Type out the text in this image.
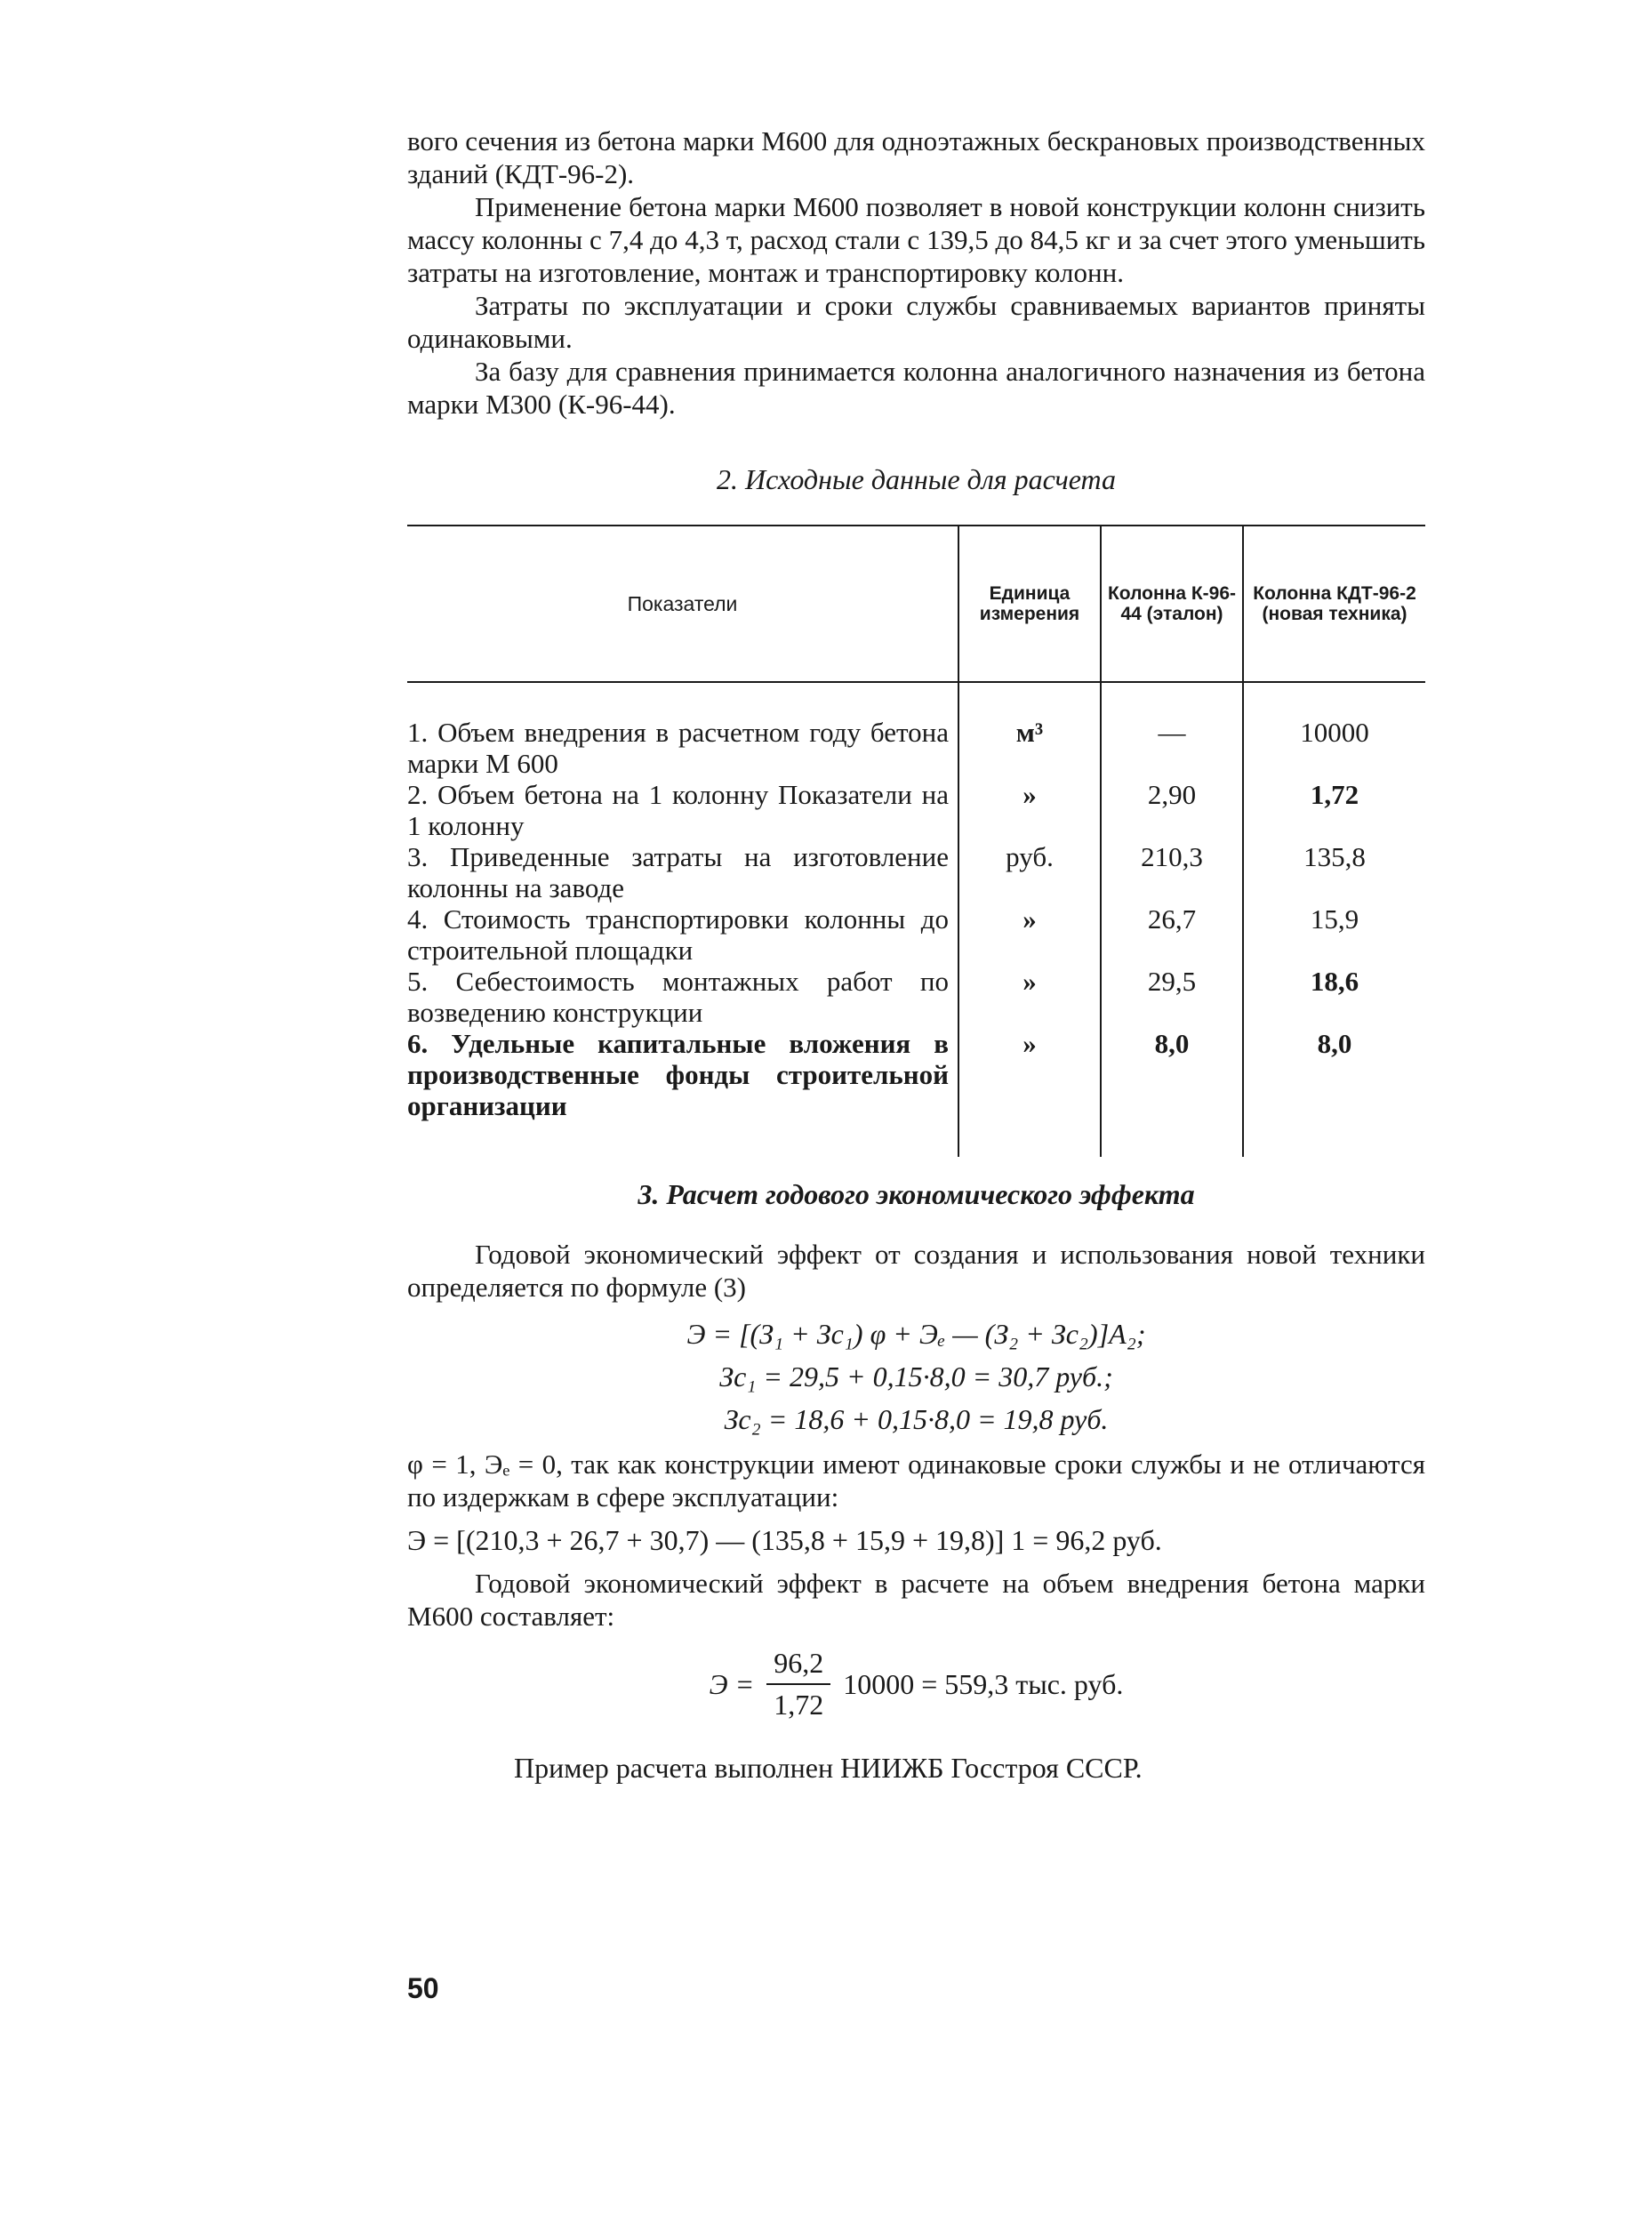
вого сечения из бетона марки М600 для одноэтажных бескрановых производственных зданий (КДТ-96-2).

Применение бетона марки М600 позволяет в новой конструкции колонн снизить массу колонны с 7,4 до 4,3 т, расход стали с 139,5 до 84,5 кг и за счет этого уменьшить затраты на изготовление, монтаж и транспортировку колонн.

Затраты по эксплуатации и сроки службы сравниваемых вариантов приняты одинаковыми.

За базу для сравнения принимается колонна аналогичного назначения из бетона марки М300 (К-96-44).

2. Исходные данные для расчета
Показатели	Единица измерения	Колонна К-96-44 (эталон)	Колонна КДТ-96-2 (новая техника)
1. Объем внедрения в расчетном году бетона марки М 600	м³	—	10000
2. Объем бетона на 1 колонну Показатели на 1 колонну	»	2,90	1,72
3. Приведенные затраты на изготовление колонны на заводе	руб.	210,3	135,8
4. Стоимость транспортировки колонны до строительной площадки	»	26,7	15,9
5. Себестоимость монтажных работ по возведению конструкции	»	29,5	18,6
6. Удельные капитальные вложения в производственные фонды строительной организации	»	8,0	8,0
3. Расчет годового экономического эффекта

Годовой экономический эффект от создания и использования новой техники определяется по формуле (3)

Э = [(З₁ + Зс₁) φ + Эₑ — (З₂ + Зс₂)]А₂;
Зс₁ = 29,5 + 0,15·8,0 = 30,7 руб.;
Зс₂ = 18,6 + 0,15·8,0 = 19,8 руб.

φ = 1, Эₑ = 0, так как конструкции имеют одинаковые сроки службы и не отличаются по издержкам в сфере эксплуатации:

Э = [(210,3 + 26,7 + 30,7) — (135,8 + 15,9 + 19,8)] 1 = 96,2 руб.

Годовой экономический эффект в расчете на объем внедрения бетона марки М600 составляет:

$Э = \frac{96,2}{1,72} 10000 = 559,3$ тыс. руб.

Пример расчета выполнен НИИЖБ Госстроя СССР.

50
